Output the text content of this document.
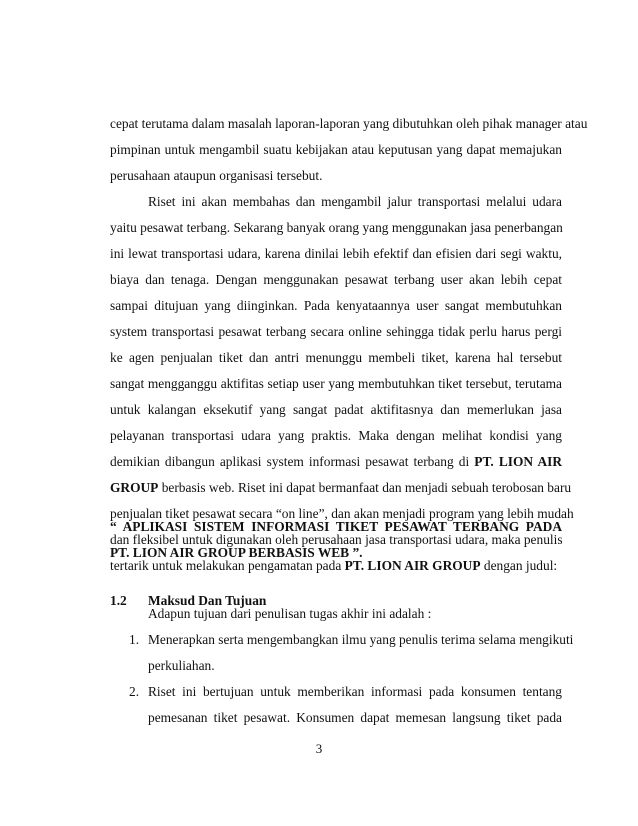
cepat terutama dalam masalah laporan-laporan yang dibutuhkan oleh pihak manager atau
pimpinan untuk mengambil suatu kebijakan atau keputusan yang dapat memajukan
perusahaan ataupun organisasi tersebut.
Riset ini akan membahas dan mengambil jalur transportasi melalui udara
yaitu pesawat terbang. Sekarang banyak orang yang menggunakan jasa penerbangan
ini lewat transportasi udara, karena dinilai lebih efektif dan efisien dari segi waktu,
biaya dan tenaga. Dengan menggunakan pesawat terbang user akan lebih cepat
sampai ditujuan yang diinginkan. Pada kenyataannya user sangat membutuhkan
system transportasi pesawat terbang secara online sehingga tidak perlu harus pergi
ke agen penjualan tiket dan antri menunggu membeli tiket, karena hal tersebut
sangat mengganggu aktifitas setiap user yang membutuhkan tiket tersebut, terutama
untuk kalangan eksekutif yang sangat padat aktifitasnya dan memerlukan jasa
pelayanan transportasi udara yang praktis. Maka dengan melihat kondisi yang
demikian dibangun aplikasi system informasi pesawat terbang di PT. LION AIR
GROUP berbasis web. Riset ini dapat bermanfaat dan menjadi sebuah terobosan baru
penjualan tiket pesawat secara “on line”, dan akan menjadi program yang lebih mudah
dan fleksibel untuk digunakan oleh perusahaan jasa transportasi udara, maka penulis
tertarik untuk melakukan pengamatan pada PT. LION AIR GROUP dengan judul:
“ APLIKASI SISTEM INFORMASI TIKET PESAWAT TERBANG PADA
PT. LION AIR GROUP BERBASIS WEB ”.
1.2 Maksud Dan Tujuan
Adapun tujuan dari penulisan tugas akhir ini adalah :
1. Menerapkan serta mengembangkan ilmu yang penulis terima selama mengikuti
perkuliahan.
2. Riset ini bertujuan untuk memberikan informasi pada konsumen tentang
pemesanan tiket pesawat. Konsumen dapat memesan langsung tiket pada
3
